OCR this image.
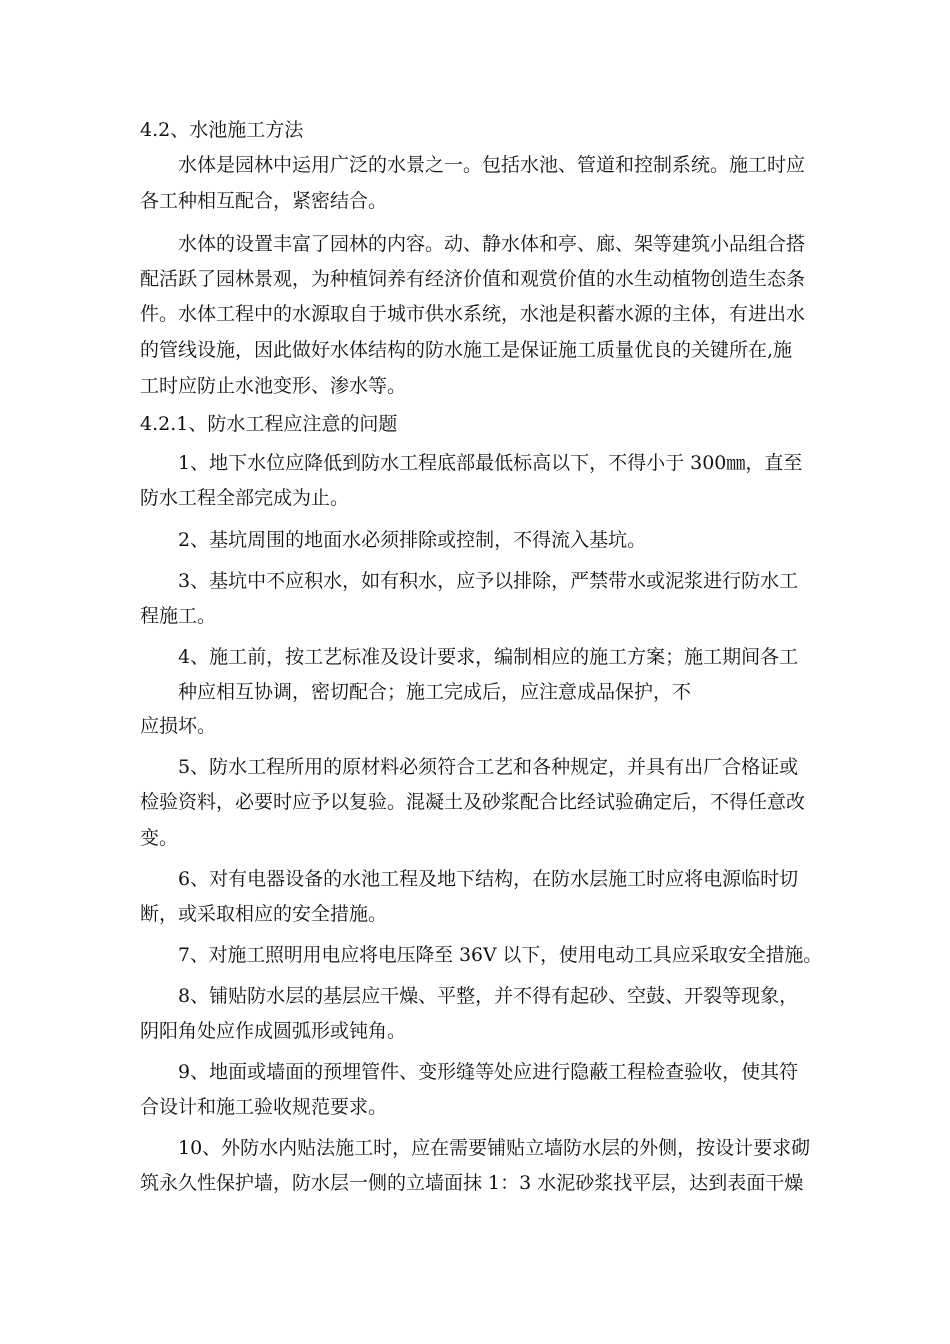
4.2、水池施工方法
水体是园林中运用广泛的水景之一。包括水池、管道和控制系统。施工时应
各工种相互配合，紧密结合。
水体的设置丰富了园林的内容。动、静水体和亭、廊、架等建筑小品组合搭
配活跃了园林景观，为种植饲养有经济价值和观赏价值的水生动植物创造生态条
件。水体工程中的水源取自于城市供水系统，水池是积蓄水源的主体，有进出水
的管线设施，因此做好水体结构的防水施工是保证施工质量优良的关键所在,施
工时应防止水池变形、渗水等。
4.2.1、防水工程应注意的问题
1、地下水位应降低到防水工程底部最低标高以下，不得小于 300㎜，直至
防水工程全部完成为止。
2、基坑周围的地面水必须排除或控制，不得流入基坑。
3、基坑中不应积水，如有积水，应予以排除，严禁带水或泥浆进行防水工
程施工。
4、施工前，按工艺标准及设计要求，编制相应的施工方案；施工期间各工
种应相互协调，密切配合；施工完成后，应注意成品保护，不
应损坏。
5、防水工程所用的原材料必须符合工艺和各种规定，并具有出厂合格证或
检验资料，必要时应予以复验。混凝土及砂浆配合比经试验确定后，不得任意改
变。
6、对有电器设备的水池工程及地下结构，在防水层施工时应将电源临时切
断，或采取相应的安全措施。
7、对施工照明用电应将电压降至 36V 以下，使用电动工具应采取安全措施。
8、铺贴防水层的基层应干燥、平整，并不得有起砂、空鼓、开裂等现象，
阴阳角处应作成圆弧形或钝角。
9、地面或墙面的预埋管件、变形缝等处应进行隐蔽工程检查验收，使其符
合设计和施工验收规范要求。
10、外防水内贴法施工时，应在需要铺贴立墙防水层的外侧，按设计要求砌
筑永久性保护墙，防水层一侧的立墙面抹 1：3 水泥砂浆找平层，达到表面干燥
